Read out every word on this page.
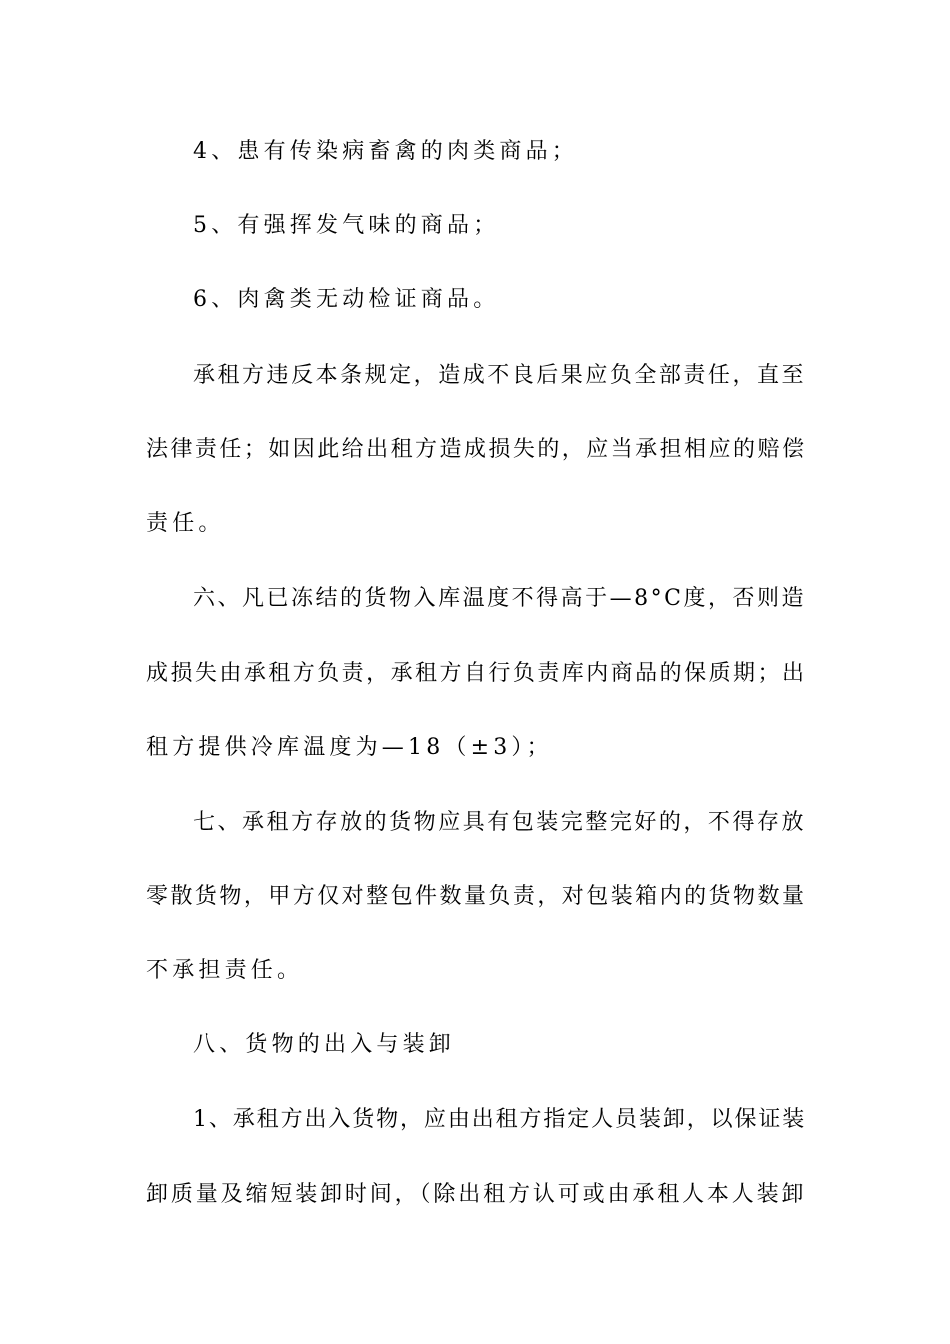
4、患有传染病畜禽的肉类商品；
5、有强挥发气味的商品；
6、肉禽类无动检证商品。
承租方违反本条规定，造成不良后果应负全部责任，直至
法律责任；如因此给出租方造成损失的，应当承担相应的赔偿
责任。
六、凡已冻结的货物入库温度不得高于—8°C度，否则造
成损失由承租方负责，承租方自行负责库内商品的保质期；出
租方提供冷库温度为—18（±3）；
七、承租方存放的货物应具有包装完整完好的，不得存放
零散货物，甲方仅对整包件数量负责，对包装箱内的货物数量
不承担责任。
八、货物的出入与装卸
1、承租方出入货物，应由出租方指定人员装卸，以保证装
卸质量及缩短装卸时间，（除出租方认可或由承租人本人装卸
